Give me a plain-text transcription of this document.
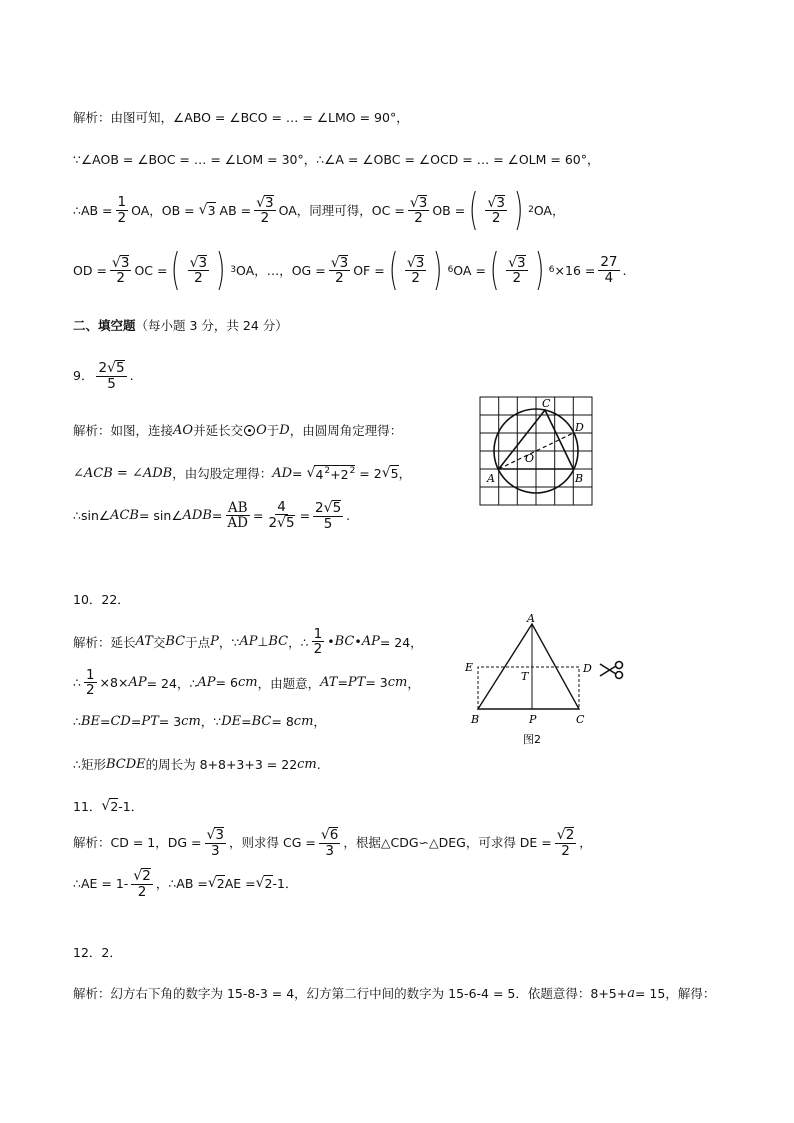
解析：由图可知，∠ABO = ∠BCO = … = ∠LMO = 90°，
∵∠AOB = ∠BOC = … = ∠LOM = 30°，∴∠A = ∠OBC = ∠OCD = … = ∠OLM = 60°，
∴AB = $\frac{1}{2}$ OA，OB = √ 3 AB = $\frac{√3}{2}$ OA，同理可得，OC = $\frac{√3}{2}$ OB = ( $\frac{√3}{2}$ ) 2 OA，
OD = $\frac{√3}{2}$ OC = ( $\frac{√3}{2}$ ) 3 OA，…，OG = $\frac{√3}{2}$ OF = ( $\frac{√3}{2}$ ) 6 OA = ( $\frac{√3}{2}$ ) $6 \times 16 = \frac{27}{4}$ .
二、填空题 （每小题 3 分，共 24 分）
9． $\frac{2√5}{5}$ .
解析：如图，连接 AO 并延长交 O 于 D ，由圆周角定理得：
∠ACB = ∠ADB ，由勾股定理得： AD = √ $4^2+2^2 = 2$ √ 5 ，
∴sin∠ ACB = sin∠ ADB = $\frac{AB}{AD} = \frac{4}{2√5} = \frac{2√5}{5}$ .
C
D
O
A	B
10．22．
解析：延长 AT 交 BC 于点 P ，∵ AP ⊥ BC ，∴ $\frac{1}{2}$ • BC • AP = 24，
∴ $\frac{1}{2} \times 8\times$ AP = 24，∴ AP = 6 cm ，由题意， AT = PT = 3 cm ，
∴ BE = CD = PT = 3 cm ，∵ DE = BC = 8 cm ，
∴矩形 BCDE 的周长为 8+8+3+3 = 22 cm .
A
E	D
T
B	P	C
图2
11． √ 2 -1．
解析：CD = 1，DG = $\frac{√3}{3}$ ，则求得 CG = $\frac{√6}{3}$ ，根据△CDG∽△DEG，可求得 DE = $\frac{√2}{2}$ ，
∴AE = $1- \frac{√2}{2}$ ，∴AB = √ 2 AE = √ 2 -1．
12．2．
解析：幻方右下角的数字为 15-8-3 = 4，幻方第二行中间的数字为 15-6-4 = 5．依题意得：8+5+ a = 15，解得：
